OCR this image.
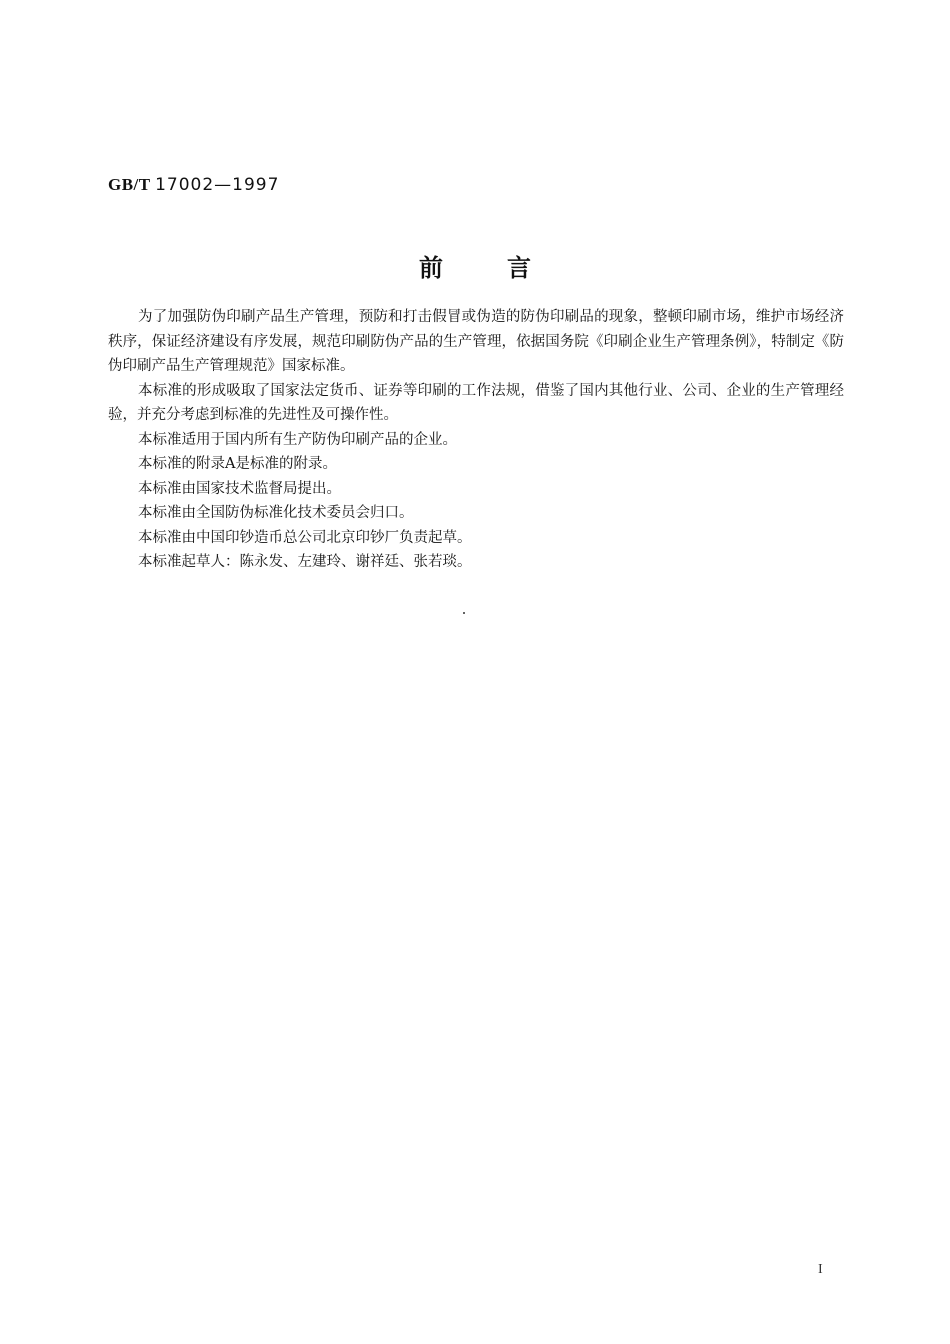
GB/T 17002—1997
前言

为了加强防伪印刷产品生产管理，预防和打击假冒或伪造的防伪印刷品的现象，整顿印刷市场，维护市场经济秩序，保证经济建设有序发展，规范印刷防伪产品的生产管理，依据国务院《印刷企业生产管理条例》，特制定《防伪印刷产品生产管理规范》国家标准。

本标准的形成吸取了国家法定货币、证券等印刷的工作法规，借鉴了国内其他行业、公司、企业的生产管理经验，并充分考虑到标准的先进性及可操作性。

本标准适用于国内所有生产防伪印刷产品的企业。

本标准的附录A是标准的附录。

本标准由国家技术监督局提出。

本标准由全国防伪标准化技术委员会归口。

本标准由中国印钞造币总公司北京印钞厂负责起草。

本标准起草人：陈永发、左建玲、谢祥廷、张若琰。

I
